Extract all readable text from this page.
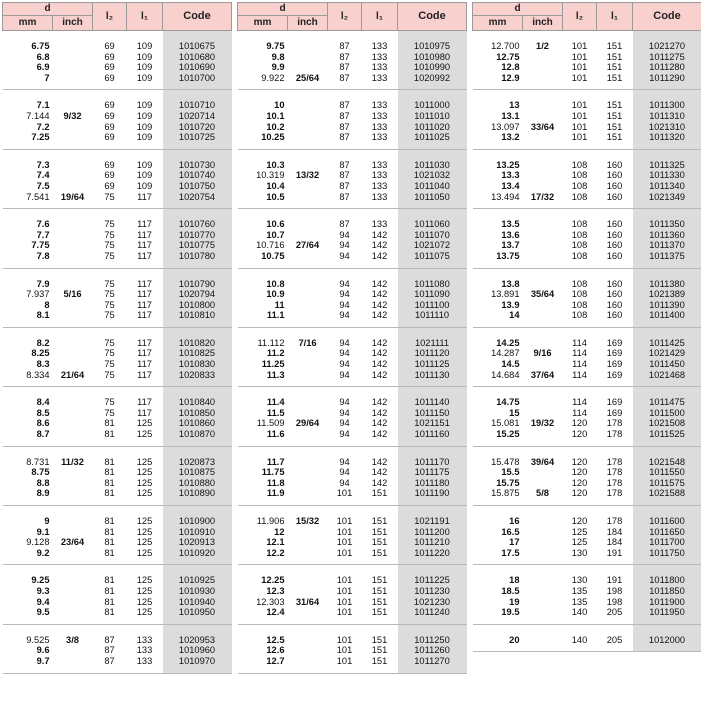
d		l₂	l₁	Code
mm	inch			
6.75		69	109	1010675
6.8		69	109	1010680
6.9		69	109	1010690
7		69	109	1010700
7.1		69	109	1010710
7.144	9/32	69	109	1020714
7.2		69	109	1010720
7.25		69	109	1010725
7.3		69	109	1010730
7.4		69	109	1010740
7.5		69	109	1010750
7.541	19/64	75	117	1020754
7.6		75	117	1010760
7.7		75	117	1010770
7.75		75	117	1010775
7.8		75	117	1010780
7.9		75	117	1010790
7.937	5/16	75	117	1020794
8		75	117	1010800
8.1		75	117	1010810
8.2		75	117	1010820
8.25		75	117	1010825
8.3		75	117	1010830
8.334	21/64	75	117	1020833
8.4		75	117	1010840
8.5		75	117	1010850
8.6		81	125	1010860
8.7		81	125	1010870
8.731	11/32	81	125	1020873
8.75		81	125	1010875
8.8		81	125	1010880
8.9		81	125	1010890
9		81	125	1010900
9.1		81	125	1010910
9.128	23/64	81	125	1020913
9.2		81	125	1010920
9.25		81	125	1010925
9.3		81	125	1010930
9.4		81	125	1010940
9.5		81	125	1010950
9.525	3/8	87	133	1020953
9.6		87	133	1010960
9.7		87	133	1010970
d		l₂	l₁	Code
mm	inch			
9.75		87	133	1010975
9.8		87	133	1010980
9.9		87	133	1010990
9.922	25/64	87	133	1020992
10		87	133	1011000
10.1		87	133	1011010
10.2		87	133	1011020
10.25		87	133	1011025
10.3		87	133	1011030
10.319	13/32	87	133	1021032
10.4		87	133	1011040
10.5		87	133	1011050
10.6		87	133	1011060
10.7		94	142	1011070
10.716	27/64	94	142	1021072
10.75		94	142	1011075
10.8		94	142	1011080
10.9		94	142	1011090
11		94	142	1011100
11.1		94	142	1011110
11.112	7/16	94	142	1021111
11.2		94	142	1011120
11.25		94	142	1011125
11.3		94	142	1011130
11.4		94	142	1011140
11.5		94	142	1011150
11.509	29/64	94	142	1021151
11.6		94	142	1011160
11.7		94	142	1011170
11.75		94	142	1011175
11.8		94	142	1011180
11.9		101	151	1011190
11.906	15/32	101	151	1021191
12		101	151	1011200
12.1		101	151	1011210
12.2		101	151	1011220
12.25		101	151	1011225
12.3		101	151	1011230
12.303	31/64	101	151	1021230
12.4		101	151	1011240
12.5		101	151	1011250
12.6		101	151	1011260
12.7		101	151	1011270
d		l₂	l₁	Code
mm	inch			
12.700	1/2	101	151	1021270
12.75		101	151	1011275
12.8		101	151	1011280
12.9		101	151	1011290
13		101	151	1011300
13.1		101	151	1011310
13.097	33/64	101	151	1021310
13.2		101	151	1011320
13.25		108	160	1011325
13.3		108	160	1011330
13.4		108	160	1011340
13.494	17/32	108	160	1021349
13.5		108	160	1011350
13.6		108	160	1011360
13.7		108	160	1011370
13.75		108	160	1011375
13.8		108	160	1011380
13.891	35/64	108	160	1021389
13.9		108	160	1011390
14		108	160	1011400
14.25		114	169	1011425
14.287	9/16	114	169	1021429
14.5		114	169	1011450
14.684	37/64	114	169	1021468
14.75		114	169	1011475
15		114	169	1011500
15.081	19/32	120	178	1021508
15.25		120	178	1011525
15.478	39/64	120	178	1021548
15.5		120	178	1011550
15.75		120	178	1011575
15.875	5/8	120	178	1021588
16		120	178	1011600
16.5		125	184	1011650
17		125	184	1011700
17.5		130	191	1011750
18		130	191	1011800
18.5		135	198	1011850
19		135	198	1011900
19.5		140	205	1011950
20		140	205	1012000
